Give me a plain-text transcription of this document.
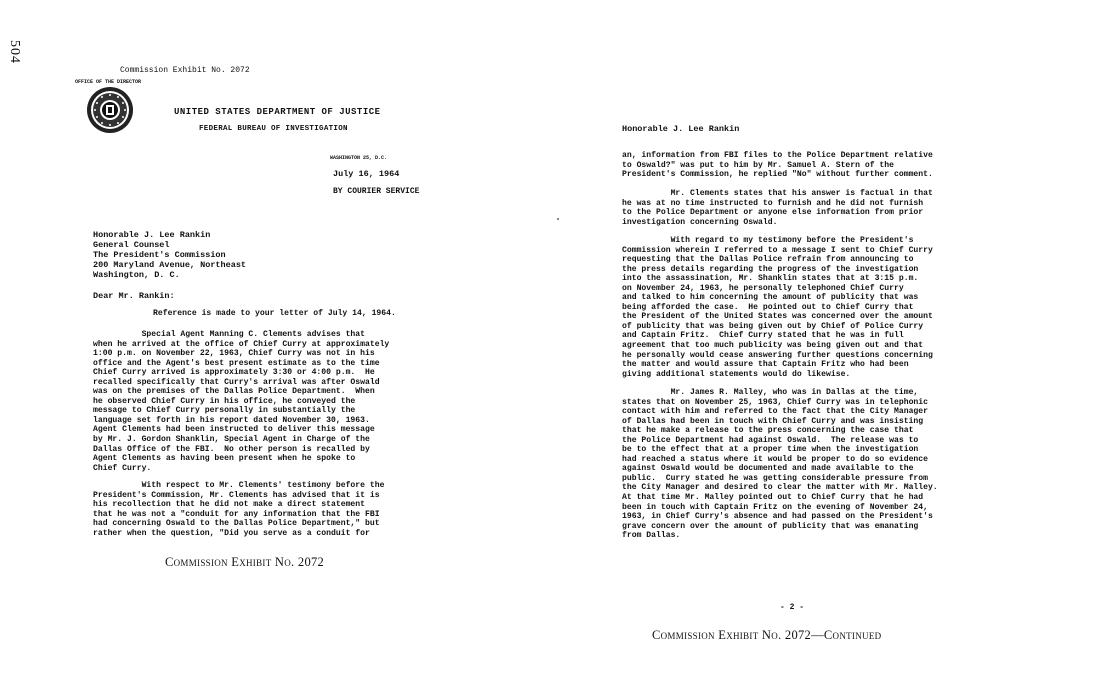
504
Commission Exhibit No. 2072
OFFICE OF THE DIRECTOR
UNITED STATES DEPARTMENT OF JUSTICE
FEDERAL BUREAU OF INVESTIGATION
WASHINGTON 25, D.C.
July 16, 1964
BY COURIER SERVICE
Honorable J. Lee Rankin
General Counsel
The President's Commission
200 Maryland Avenue, Northeast
Washington, D. C.
Dear Mr. Rankin:
Reference is made to your letter of July 14, 1964.
Special Agent Manning C. Clements advises that
when he arrived at the office of Chief Curry at approximately
1:00 p.m. on November 22, 1963, Chief Curry was not in his
office and the Agent's best present estimate as to the time
Chief Curry arrived is approximately 3:30 or 4:00 p.m.  He
recalled specifically that Curry's arrival was after Oswald
was on the premises of the Dallas Police Department.  When
he observed Chief Curry in his office, he conveyed the
message to Chief Curry personally in substantially the
language set forth in his report dated November 30, 1963.
Agent Clements had been instructed to deliver this message
by Mr. J. Gordon Shanklin, Special Agent in Charge of the
Dallas Office of the FBI.  No other person is recalled by
Agent Clements as having been present when he spoke to
Chief Curry.
With respect to Mr. Clements' testimony before the
President's Commission, Mr. Clements has advised that it is
his recollection that he did not make a direct statement
that he was not a "conduit for any information that the FBI
had concerning Oswald to the Dallas Police Department," but
rather when the question, "Did you serve as a conduit for
Commission Exhibit No. 2072
Honorable J. Lee Rankin
an, information from FBI files to the Police Department relative
to Oswald?" was put to him by Mr. Samuel A. Stern of the
President's Commission, he replied "No" without further comment.
Mr. Clements states that his answer is factual in that
he was at no time instructed to furnish and he did not furnish
to the Police Department or anyone else information from prior
investigation concerning Oswald.
With regard to my testimony before the President's
Commission wherein I referred to a message I sent to Chief Curry
requesting that the Dallas Police refrain from announcing to
the press details regarding the progress of the investigation
into the assassination, Mr. Shanklin states that at 3:15 p.m.
on November 24, 1963, he personally telephoned Chief Curry
and talked to him concerning the amount of publicity that was
being afforded the case.  He pointed out to Chief Curry that
the President of the United States was concerned over the amount
of publicity that was being given out by Chief of Police Curry
and Captain Fritz.  Chief Curry stated that he was in full
agreement that too much publicity was being given out and that
he personally would cease answering further questions concerning
the matter and would assure that Captain Fritz who had been
giving additional statements would do likewise.
Mr. James R. Malley, who was in Dallas at the time,
states that on November 25, 1963, Chief Curry was in telephonic
contact with him and referred to the fact that the City Manager
of Dallas had been in touch with Chief Curry and was insisting
that he make a release to the press concerning the case that
the Police Department had against Oswald.  The release was to
be to the effect that at a proper time when the investigation
had reached a status where it would be proper to do so evidence
against Oswald would be documented and made available to the
public.  Curry stated he was getting considerable pressure from
the City Manager and desired to clear the matter with Mr. Malley.
At that time Mr. Malley pointed out to Chief Curry that he had
been in touch with Captain Fritz on the evening of November 24,
1963, in Chief Curry's absence and had passed on the President's
grave concern over the amount of publicity that was emanating
from Dallas.
- 2 -
Commission Exhibit No. 2072—Continued
